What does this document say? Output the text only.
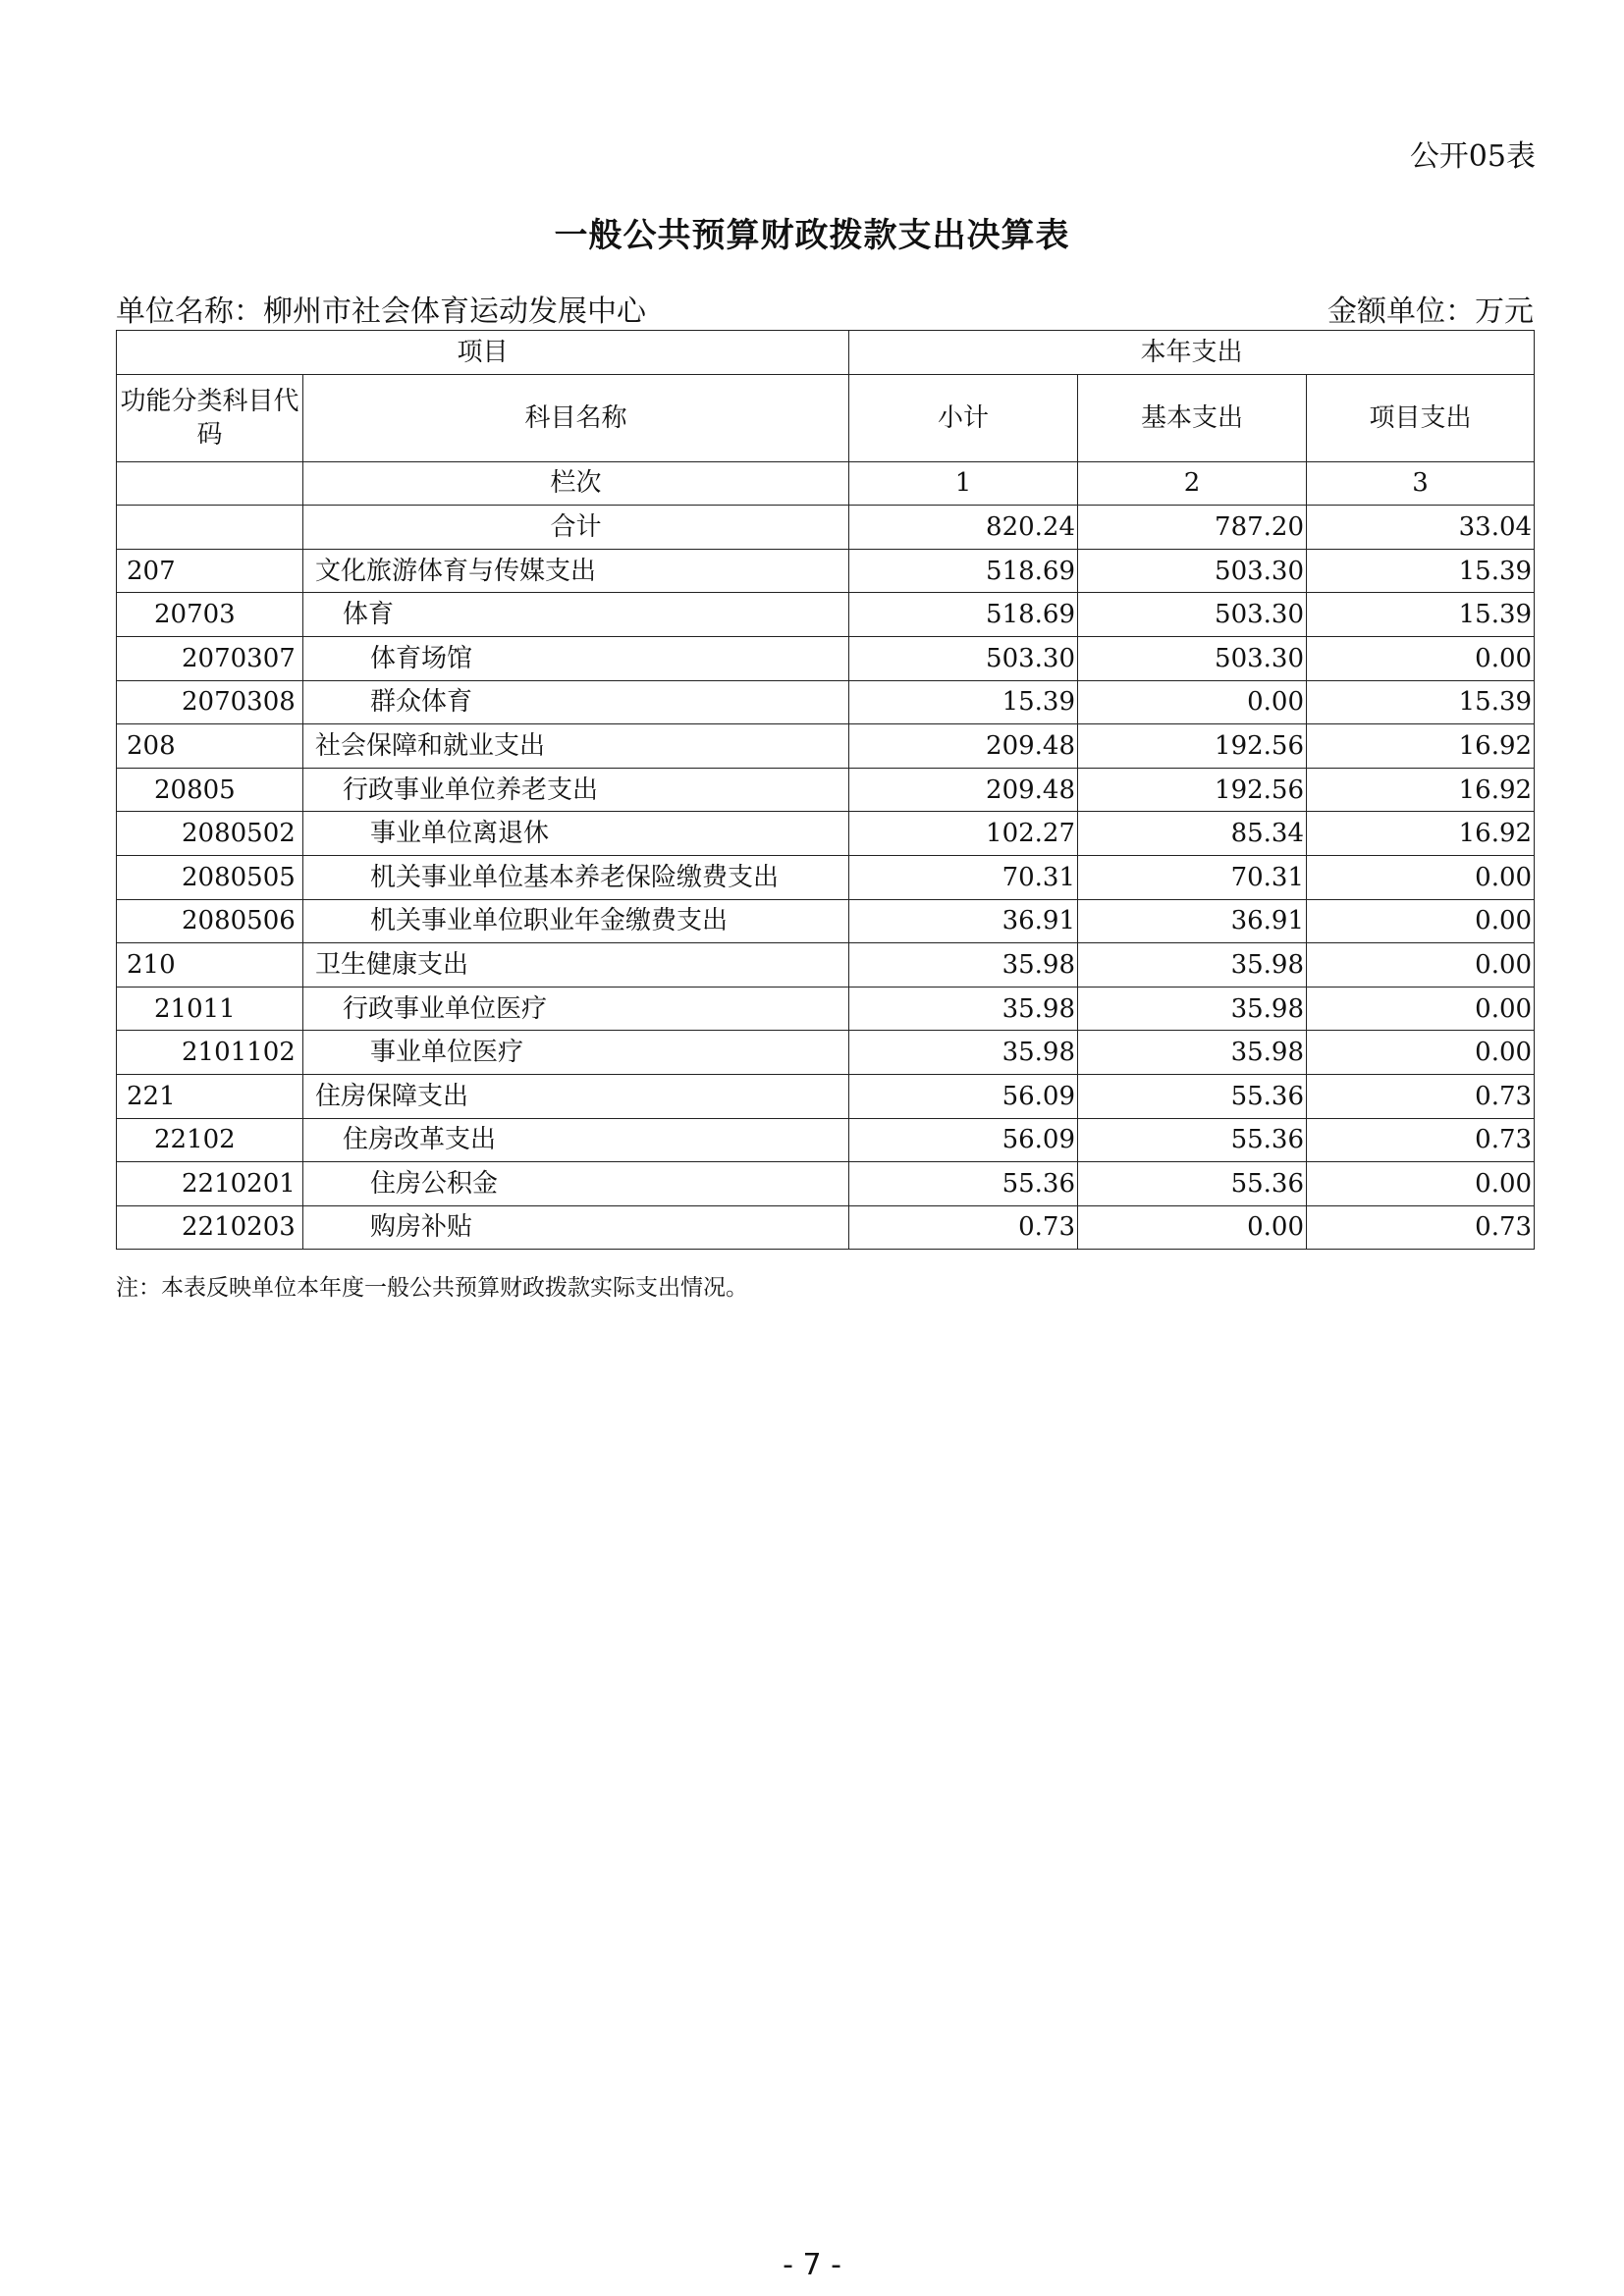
公开05表
一般公共预算财政拨款支出决算表
单位名称：柳州市社会体育运动发展中心	金额单位：万元
项目		本年支出		
功能分类科目代码	科目名称	小计	基本支出	项目支出
	栏次	1	2	3
	合计	820.24	787.20	33.04
207	文化旅游体育与传媒支出	518.69	503.30	15.39
20703	体育	518.69	503.30	15.39
2070307	体育场馆	503.30	503.30	0.00
2070308	群众体育	15.39	0.00	15.39
208	社会保障和就业支出	209.48	192.56	16.92
20805	行政事业单位养老支出	209.48	192.56	16.92
2080502	事业单位离退休	102.27	85.34	16.92
2080505	机关事业单位基本养老保险缴费支出	70.31	70.31	0.00
2080506	机关事业单位职业年金缴费支出	36.91	36.91	0.00
210	卫生健康支出	35.98	35.98	0.00
21011	行政事业单位医疗	35.98	35.98	0.00
2101102	事业单位医疗	35.98	35.98	0.00
221	住房保障支出	56.09	55.36	0.73
22102	住房改革支出	56.09	55.36	0.73
2210201	住房公积金	55.36	55.36	0.00
2210203	购房补贴	0.73	0.00	0.73
注：本表反映单位本年度一般公共预算财政拨款实际支出情况。
- 7 -
